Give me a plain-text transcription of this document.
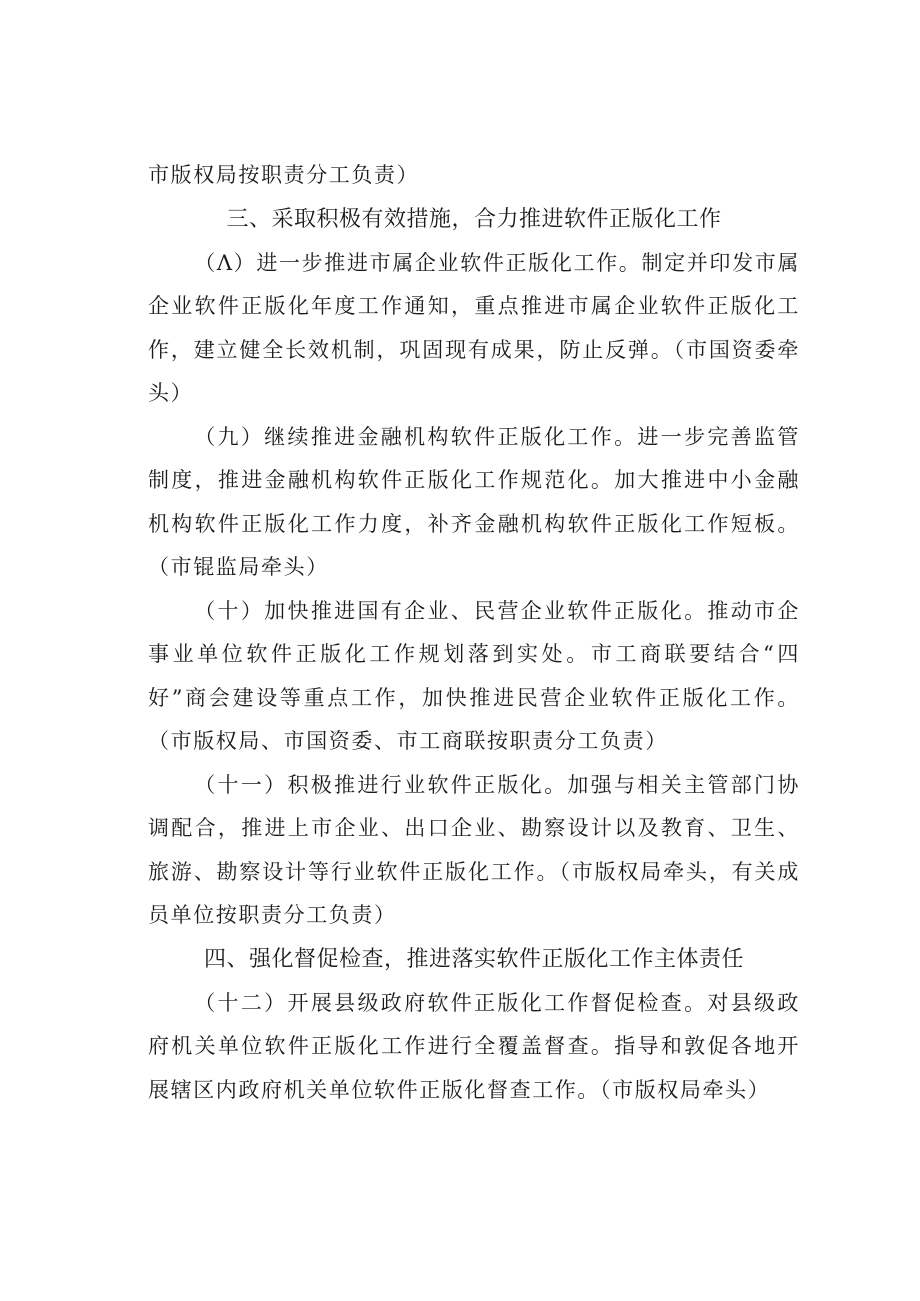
市版权局按职责分工负责）

三、采取积极有效措施，合力推进软件正版化工作

（Λ）进一步推进市属企业软件正版化工作。制定并印发市属企业软件正版化年度工作通知，重点推进市属企业软件正版化工作，建立健全长效机制，巩固现有成果，防止反弹。（市国资委牵头）

（九）继续推进金融机构软件正版化工作。进一步完善监管制度，推进金融机构软件正版化工作规范化。加大推进中小金融机构软件正版化工作力度，补齐金融机构软件正版化工作短板。（市锟监局牵头）

（十）加快推进国有企业、民营企业软件正版化。推动市企事业单位软件正版化工作规划落到实处。市工商联要结合“四好”商会建设等重点工作，加快推进民营企业软件正版化工作。（市版权局、市国资委、市工商联按职责分工负责）

（十一）积极推进行业软件正版化。加强与相关主管部门协调配合，推进上市企业、出口企业、勘察设计以及教育、卫生、旅游、勘察设计等行业软件正版化工作。（市版权局牵头，有关成员单位按职责分工负责）

四、强化督促检查，推进落实软件正版化工作主体责任

（十二）开展县级政府软件正版化工作督促检查。对县级政府机关单位软件正版化工作进行全覆盖督查。指导和敦促各地开展辖区内政府机关单位软件正版化督查工作。（市版权局牵头）
